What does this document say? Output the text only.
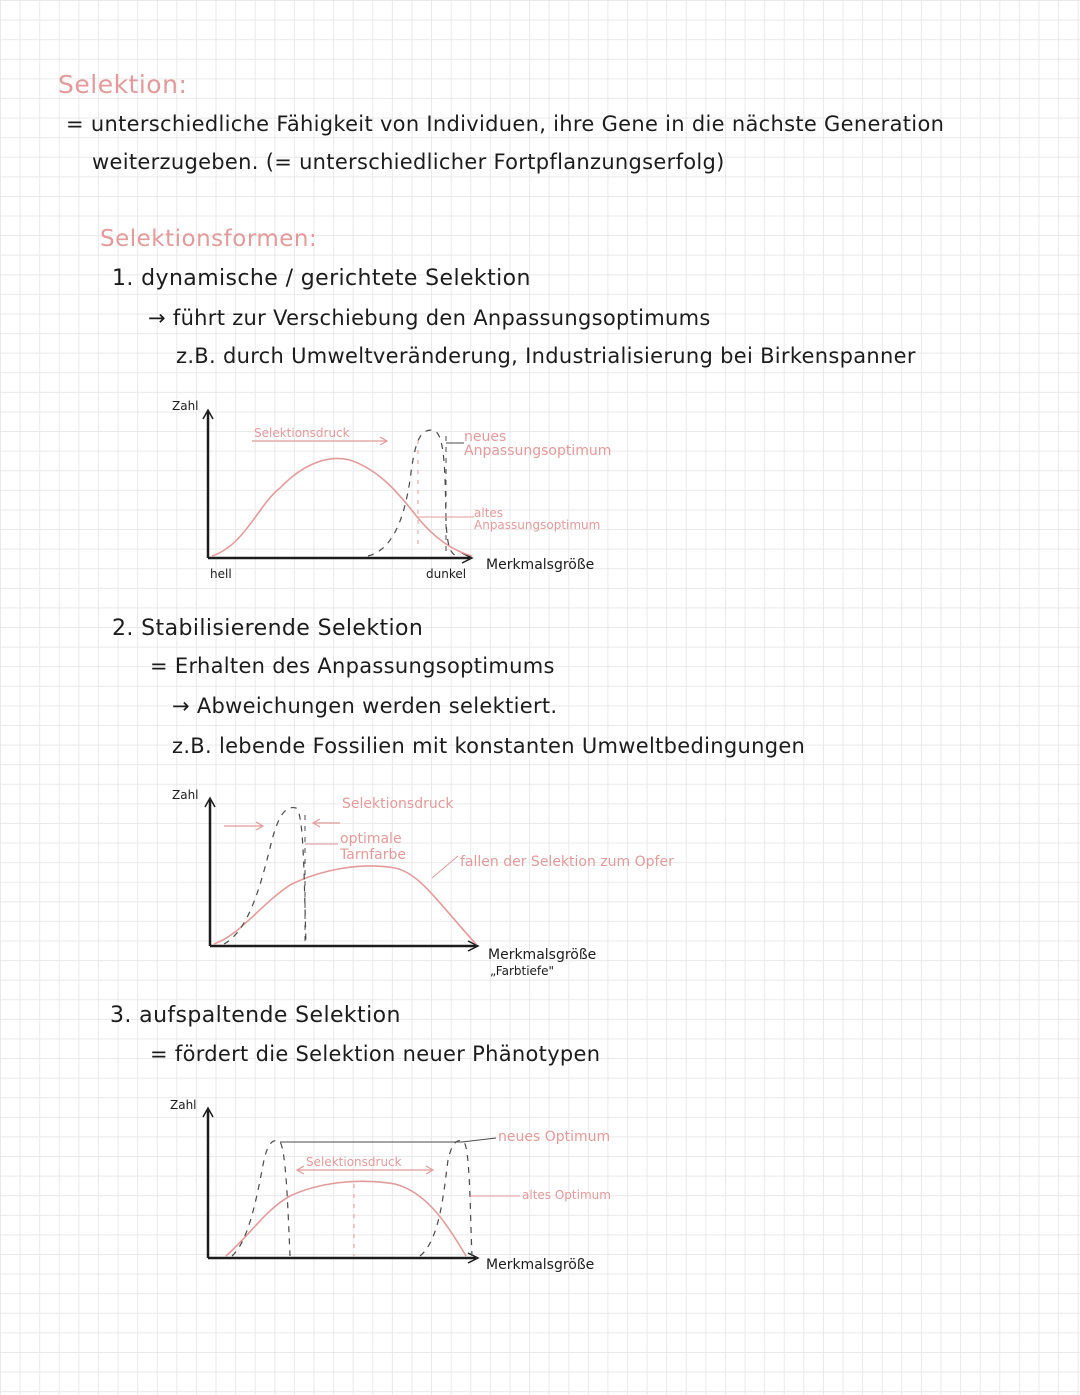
Selektion:
= unterschiedliche Fähigkeit von Individuen, ihre Gene in die nächste Generation
weiterzugeben. (= unterschiedlicher Fortpflanzungserfolg)
Selektionsformen:
1. dynamische / gerichtete Selektion
→ führt zur Verschiebung den Anpassungsoptimums
z.B. durch Umweltveränderung, Industrialisierung bei Birkenspanner
Zahl
Selektionsdruck	neues
Anpassungsoptimum
altes
Anpassungsoptimum
hell	dunkel
Merkmalsgröße
2. Stabilisierende Selektion
= Erhalten des Anpassungsoptimums
→ Abweichungen werden selektiert.
z.B. lebende Fossilien mit konstanten Umweltbedingungen
Zahl
Selektionsdruck
optimale
Tarnfarbe	fallen der Selektion zum Opfer
Merkmalsgröße
„Farbtiefe"
3. aufspaltende Selektion
= fördert die Selektion neuer Phänotypen
Zahl
Selektionsdruck
neues Optimum
altes Optimum
Merkmalsgröße
